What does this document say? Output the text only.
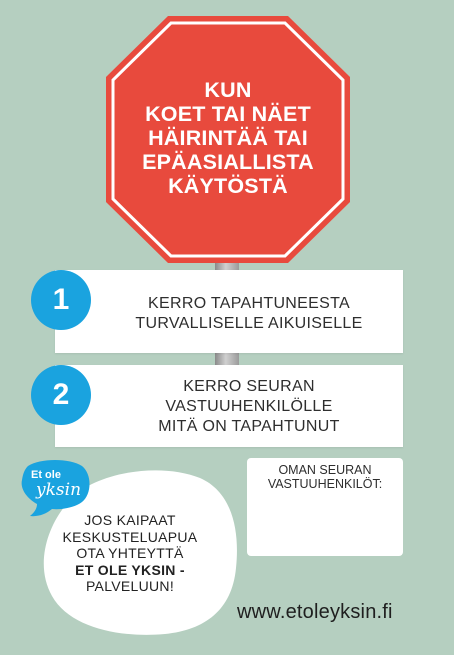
KUN
KOET TAI NÄET
HÄIRINTÄÄ TAI
EPÄASIALLISTA
KÄYTÖSTÄ
KERRO TAPAHTUNEESTA
TURVALLISELLE AIKUISELLE
1
KERRO SEURAN
VASTUUHENKILÖLLE
MITÄ ON TAPAHTUNUT
2
Et ole
yksin
JOS KAIPAAT
KESKUSTELUAPUA
OTA YHTEYTTÄ
ET OLE YKSIN -
PALVELUUN!
OMAN SEURAN
VASTUUHENKILÖT:
www.etoleyksin.fi
